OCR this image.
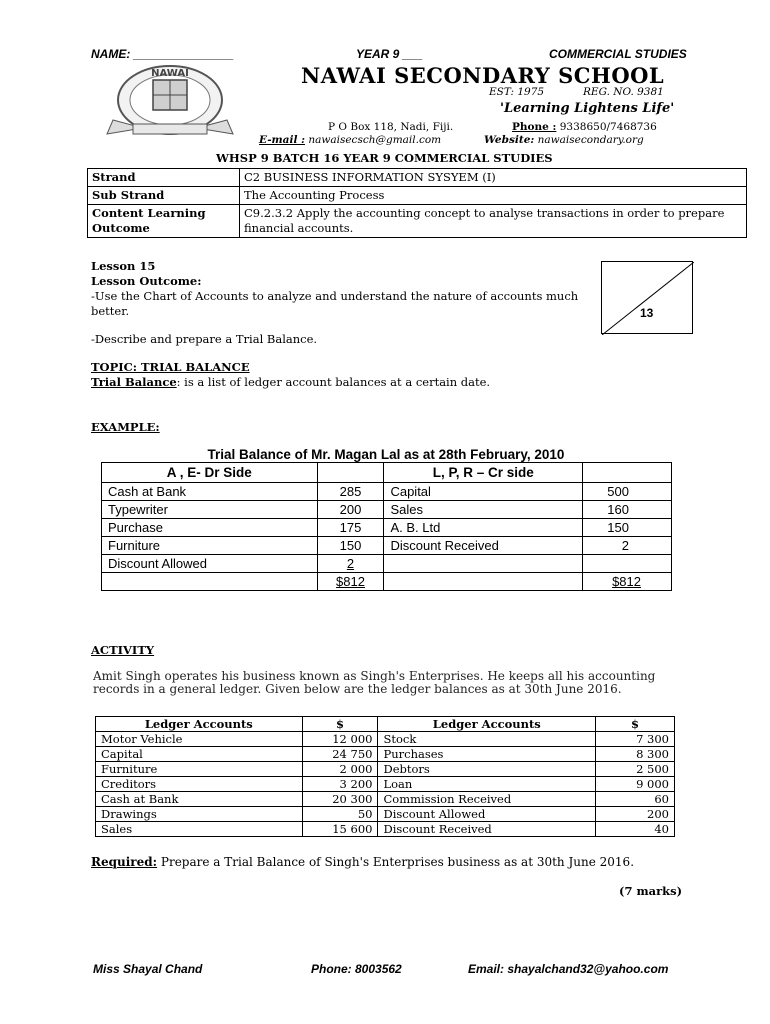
NAME: _______________	YEAR 9 ___	COMMERCIAL STUDIES
NAWAI	NAWAI SECONDARY SCHOOL
EST: 1975	REG. NO. 9381
'Learning Lightens Life'
P O Box 118, Nadi, Fiji.	Phone : 9338650/7468736
E-mail : nawaisecsch@gmail.com	Website: nawaisecondary.org
WHSP 9 BATCH 16 YEAR 9 COMMERCIAL STUDIES
Strand	C2 BUSINESS INFORMATION SYSYEM (I)
Sub Strand	The Accounting Process
Content Learning Outcome	C9.2.3.2 Apply the accounting concept to analyse transactions in order to prepare financial accounts.
Lesson 15
Lesson Outcome:
-Use the Chart of Accounts to analyze and understand the nature of accounts much better.
-Describe and prepare a Trial Balance.
13
TOPIC: TRIAL BALANCE
Trial Balance: is a list of ledger account balances at a certain date.
EXAMPLE:
Trial Balance of Mr. Magan Lal as at 28th February, 2010
A , E- Dr Side		L, P, R – Cr side	
Cash at Bank	285	Capital	500
Typewriter	200	Sales	160
Purchase	175	A. B. Ltd	150
Furniture	150	Discount Received	2
Discount Allowed	2		
	$812		$812
ACTIVITY
Amit Singh operates his business known as Singh's Enterprises. He keeps all his accounting records in a general ledger. Given below are the ledger balances as at 30th June 2016.
Ledger Accounts	$	Ledger Accounts	$
Motor Vehicle	12 000	Stock	7 300
Capital	24 750	Purchases	8 300
Furniture	2 000	Debtors	2 500
Creditors	3 200	Loan	9 000
Cash at Bank	20 300	Commission Received	60
Drawings	50	Discount Allowed	200
Sales	15 600	Discount Received	40
Required: Prepare a Trial Balance of Singh's Enterprises business as at 30th June 2016.
(7 marks)
Miss Shayal Chand	Phone: 8003562	Email: shayalchand32@yahoo.com
